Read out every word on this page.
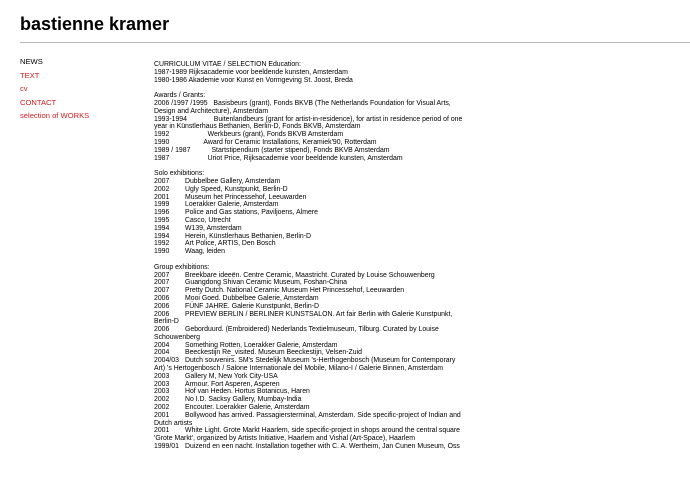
bastienne kramer
NEWS
TEXT
cv
CONTACT
selection of WORKS
CURRICULUM VITAE / SELECTION Education:
1987-1989 Rijksacademie voor beeldende kunsten, Amsterdam
1980-1986 Akademie voor Kunst en Vormgeving St. Joost, Breda
Awards / Grants:
2006 /1997 /1995   Basisbeurs (grant), Fonds BKVB (The Netherlands Foundation for Visual Arts, Design and Architecture), Amsterdam
1993-1994              Buitenlandbeurs (grant for artist-in-residence), for artist in residence period of one year in Künstlerhaus Bethanien, Berlin-D, Fonds BKVB, Amsterdam
1992                    Werkbeurs (grant), Fonds BKVB Amsterdam
1990                  Award for Ceramic Installations, Keramiek'90, Rotterdam
1989 / 1987           Startstipendium (starter stipend), Fonds BKVB Amsterdam
1987                    Uriot Price, Rijksacademie voor beeldende kunsten, Amsterdam
Solo exhibitions:
2007 Dubbelbee Gallery, Amsterdam
2002 Ugly Speed, Kunstpunkt, Berlin-D
2001 Museum het Princessehof, Leeuwarden
1999 Loerakker Galerie, Amsterdam
1996 Police and Gas stations, Paviljoens, Almere
1995 Casco, Utrecht
1994 W139, Amsterdam
1994 Herein, Künstlerhaus Bethanien, Berlin-D
1992 Art Police, ARTIS, Den Bosch
1990 Waag, leiden
Group exhibitions:
2007 Breekbare ideeën. Centre Ceramic, Maastricht. Curated by Louise Schouwenberg
2007 Guangdong Shivan Ceramic Museum, Foshan-China
2007 Pretty Dutch. National Ceramic Museum Het Princessehof, Leeuwarden
2006 Mooi Goed. Dubbelbee Galerie, Amsterdam
2006 FÜNF JAHRE. Galerie Kunstpunkt, Berlin-D
2006 PREVIEW BERLIN / BERLINER KUNSTSALON. Art fair Berlin with Galerie Kunstpunkt, Berlin-D
2006 Geborduurd. (Embroidered) Nederlands Textielmuseum, Tilburg. Curated by Louise Schouwenberg
2004 Something Rotten, Loerakker Galerie, Amsterdam
2004 Beeckestijn Re_visited. Museum Beeckestijn, Velsen-Zuid
2004/03 Dutch souvenirs. SM's Stedelijk Museum 's-Herthogenbosch (Museum for Contemporary Art) 's Hertogenbosch / Salone Internationale del Mobile, Milano-I / Galerie Binnen, Amsterdam
2003 Gallery M, New York City-USA
2003 Armour. Fort Asperen, Asperen
2003 Hof van Heden. Hortus Botanicus, Haren
2002 No I.D. Sacksy Gallery, Mumbay-India
2002 Encouter. Loerakker Galerie, Amsterdam
2001 Bollywood has arrived. Passagiersterminal, Amsterdam. Side specific-project of Indian and Dutch artists
2001 White Light. Grote Markt Haarlem, side specific-project in shops around the central square 'Grote Markt', organized by Artists Initiative, Haarlem and Vishal (Art-Space), Haarlem
1999/01 Duizend en een nacht. Installation together with C. A. Wertheim, Jan Cunen Museum, Oss
